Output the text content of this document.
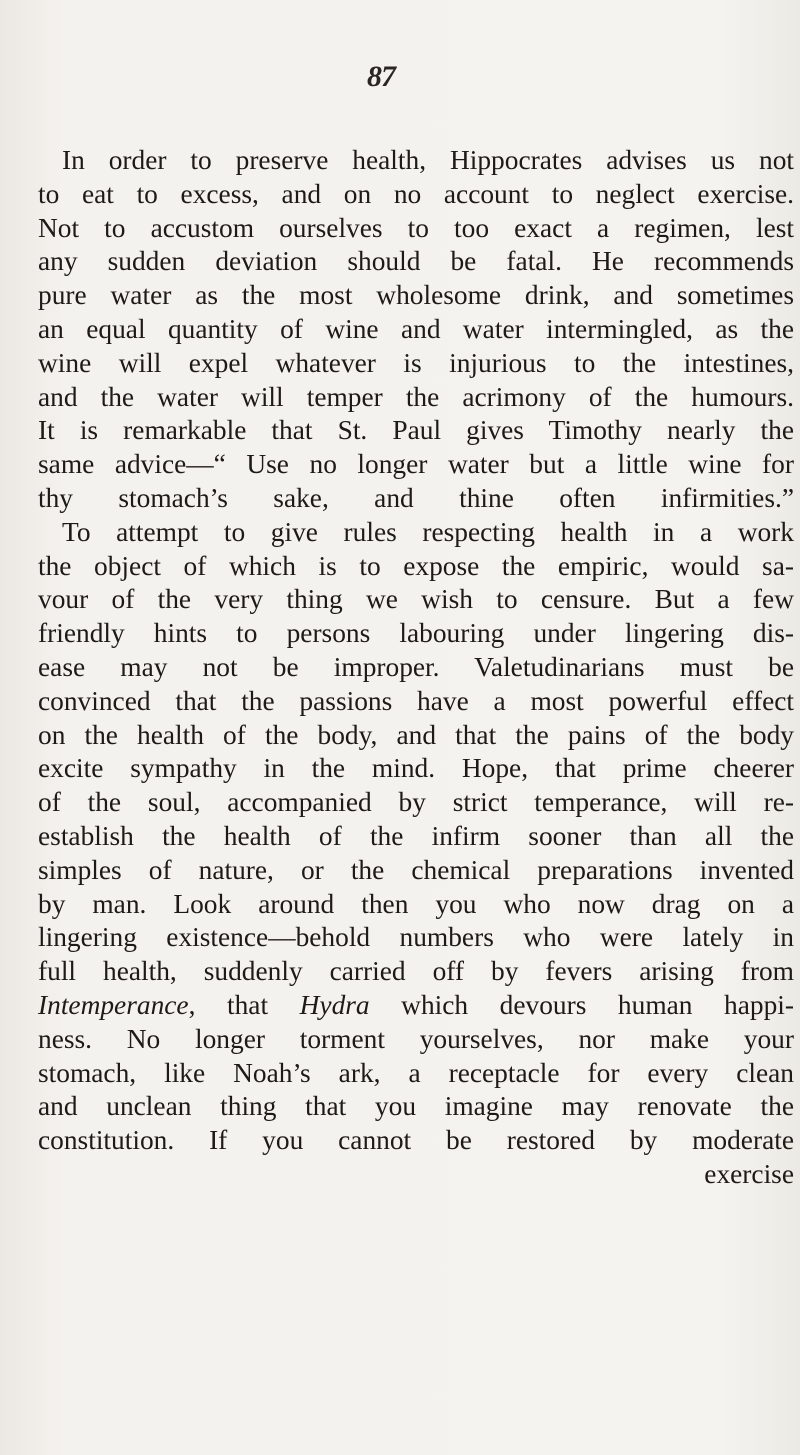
87
In order to preserve health, Hippocrates advises us not
to eat to excess, and on no account to neglect exercise.
Not to accustom ourselves to too exact a regimen, lest
any sudden deviation should be fatal. He recommends
pure water as the most wholesome drink, and sometimes
an equal quantity of wine and water intermingled, as the
wine will expel whatever is injurious to the intestines,
and the water will temper the acrimony of the humours.
It is remarkable that St. Paul gives Timothy nearly the
same advice—“ Use no longer water but a little wine for
thy stomach’s sake, and thine often infirmities.”
To attempt to give rules respecting health in a work
the object of which is to expose the empiric, would sa-
vour of the very thing we wish to censure. But a few
friendly hints to persons labouring under lingering dis-
ease may not be improper. Valetudinarians must be
convinced that the passions have a most powerful effect
on the health of the body, and that the pains of the body
excite sympathy in the mind. Hope, that prime cheerer
of the soul, accompanied by strict temperance, will re-
establish the health of the infirm sooner than all the
simples of nature, or the chemical preparations invented
by man. Look around then you who now drag on a
lingering existence—behold numbers who were lately in
full health, suddenly carried off by fevers arising from
Intemperance, that Hydra which devours human happi-
ness. No longer torment yourselves, nor make your
stomach, like Noah’s ark, a receptacle for every clean
and unclean thing that you imagine may renovate the
constitution. If you cannot be restored by moderate
exercise
